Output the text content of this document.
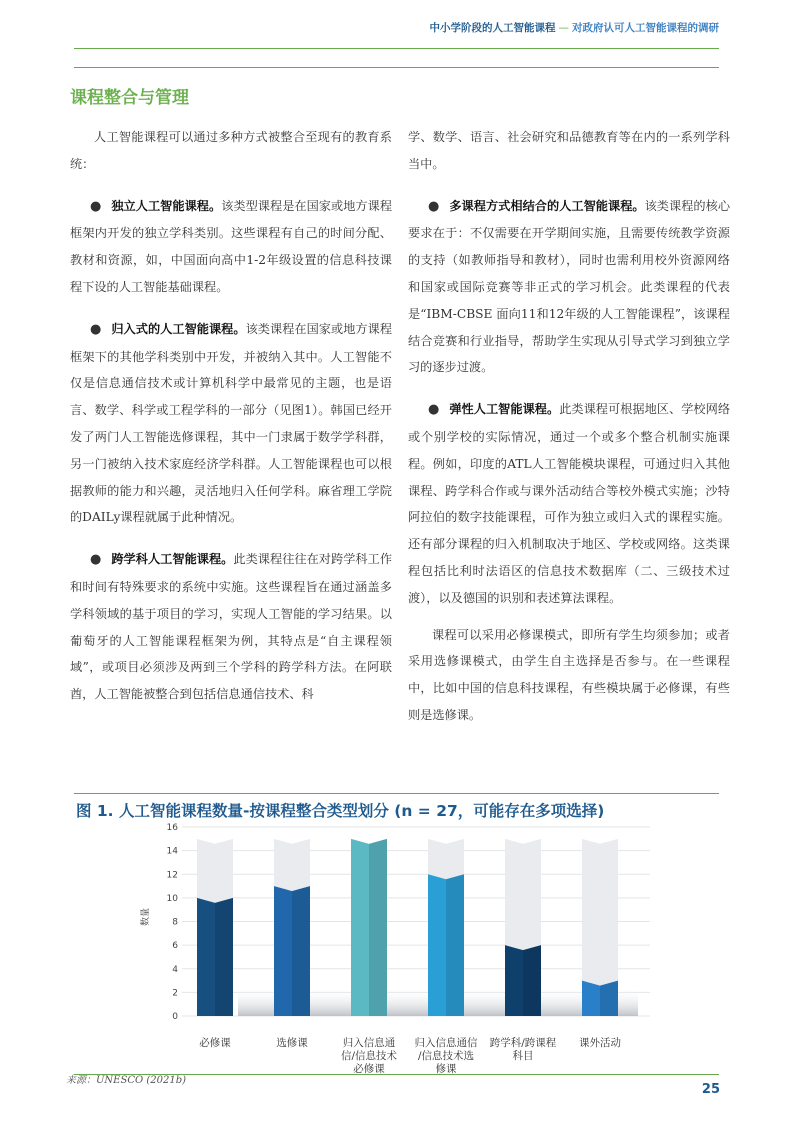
中小学阶段的人工智能课程 — 对政府认可人工智能课程的调研
课程整合与管理

人工智能课程可以通过多种方式被整合至现有的教育系统：

● 独立人工智能课程。该类型课程是在国家或地方课程框架内开发的独立学科类别。这些课程有自己的时间分配、教材和资源，如，中国面向高中1-2年级设置的信息科技课程下设的人工智能基础课程。

● 归入式的人工智能课程。该类课程在国家或地方课程框架下的其他学科类别中开发，并被纳入其中。人工智能不仅是信息通信技术或计算机科学中最常见的主题，也是语言、数学、科学或工程学科的一部分（见图1）。韩国已经开发了两门人工智能选修课程，其中一门隶属于数学学科群，另一门被纳入技术家庭经济学科群。人工智能课程也可以根据教师的能力和兴趣，灵活地归入任何学科。麻省理工学院的DAILy课程就属于此种情况。

● 跨学科人工智能课程。此类课程往往在对跨学科工作和时间有特殊要求的系统中实施。这些课程旨在通过涵盖多学科领域的基于项目的学习，实现人工智能的学习结果。以葡萄牙的人工智能课程框架为例，其特点是“自主课程领域”，或项目必须涉及两到三个学科的跨学科方法。在阿联酋，人工智能被整合到包括信息通信技术、科

学、数学、语言、社会研究和品德教育等在内的一系列学科当中。

● 多课程方式相结合的人工智能课程。该类课程的核心要求在于：不仅需要在开学期间实施，且需要传统教学资源的支持（如教师指导和教材），同时也需利用校外资源网络和国家或国际竞赛等非正式的学习机会。此类课程的代表是“IBM-CBSE 面向11和12年级的人工智能课程”，该课程结合竞赛和行业指导，帮助学生实现从引导式学习到独立学习的逐步过渡。

● 弹性人工智能课程。此类课程可根据地区、学校网络或个别学校的实际情况，通过一个或多个整合机制实施课程。例如，印度的ATL人工智能模块课程，可通过归入其他课程、跨学科合作或与课外活动结合等校外模式实施；沙特阿拉伯的数字技能课程，可作为独立或归入式的课程实施。还有部分课程的归入机制取决于地区、学校或网络。这类课程包括比利时法语区的信息技术数据库（二、三级技术过渡），以及德国的识别和表述算法课程。

课程可以采用必修课模式，即所有学生均须参加；或者采用选修课模式，由学生自主选择是否参与。在一些课程中，比如中国的信息科技课程，有些模块属于必修课，有些则是选修课。

图 1. 人工智能课程数量-按课程整合类型划分 (n = 27，可能存在多项选择)
0
2
4
6
8
10
12
14
16
数量
必修课	选修课	归入信息通信/信息技术必修课
归入信息通信/信息技术选修课
跨学科/跨课程科目
课外活动
来源：UNESCO (2021b)
25
